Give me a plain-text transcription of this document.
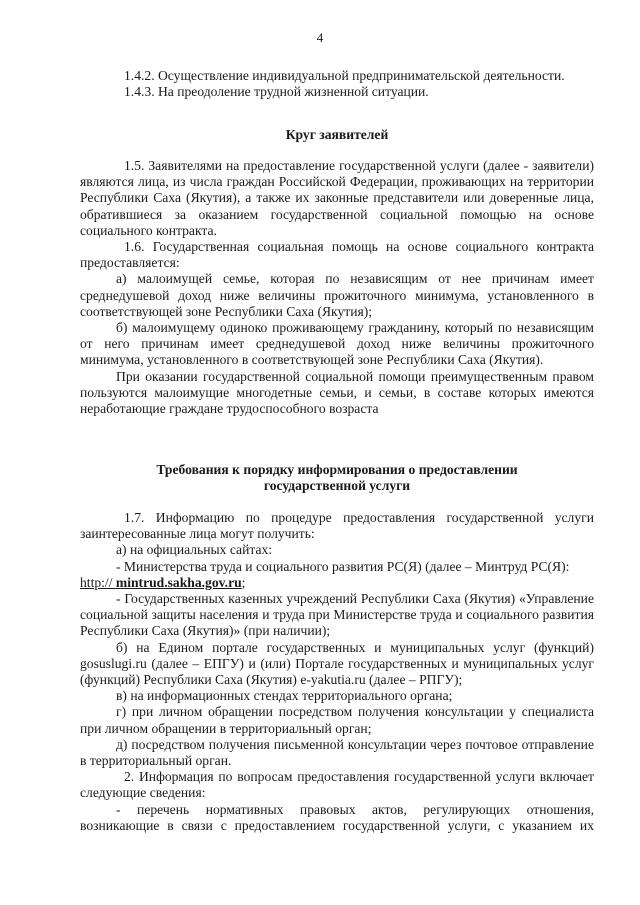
4

1.4.2. Осуществление индивидуальной предпринимательской деятельности.

1.4.3. На преодоление трудной жизненной ситуации.

Круг заявителей

1.5. Заявителями на предоставление государственной услуги (далее - заявители) являются лица, из числа граждан Российской Федерации, проживающих на территории Республики Саха (Якутия), а также их законные представители или доверенные лица, обратившиеся за оказанием государственной социальной помощью на основе социального контракта.

1.6. Государственная социальная помощь на основе социального контракта предоставляется:

а) малоимущей семье, которая по независящим от нее причинам имеет среднедушевой доход ниже величины прожиточного минимума, установленного в соответствующей зоне Республики Саха (Якутия);

б) малоимущему одиноко проживающему гражданину, который по независящим от него причинам имеет среднедушевой доход ниже величины прожиточного минимума, установленного в соответствующей зоне Республики Саха (Якутия).

При оказании государственной социальной помощи преимущественным правом пользуются малоимущие многодетные семьи, и семьи, в составе которых имеются неработающие граждане трудоспособного возраста

Требования к порядку информирования о предоставлении
государственной услуги

1.7. Информацию по процедуре предоставления государственной услуги заинтересованные лица могут получить:

а) на официальных сайтах:

- Министерства труда и социального развития РС(Я) (далее – Минтруд РС(Я):
http:// mintrud.sakha.gov.ru;

- Государственных казенных учреждений Республики Саха (Якутия) «Управление социальной защиты населения и труда при Министерстве труда и социального развития Республики Саха (Якутия)» (при наличии);

б) на Едином портале государственных и муниципальных услуг (функций) gosuslugi.ru (далее – ЕПГУ) и (или) Портале государственных и муниципальных услуг (функций) Республики Саха (Якутия) e-yakutia.ru (далее – РПГУ);

в) на информационных стендах территориального органа;

г) при личном обращении посредством получения консультации у специалиста при личном обращении в территориальный орган;

д) посредством получения письменной консультации через почтовое отправление в территориальный орган.

2. Информация по вопросам предоставления государственной услуги включает следующие сведения:

- перечень нормативных правовых актов, регулирующих отношения, возникающие в связи с предоставлением государственной услуги, с указанием их
